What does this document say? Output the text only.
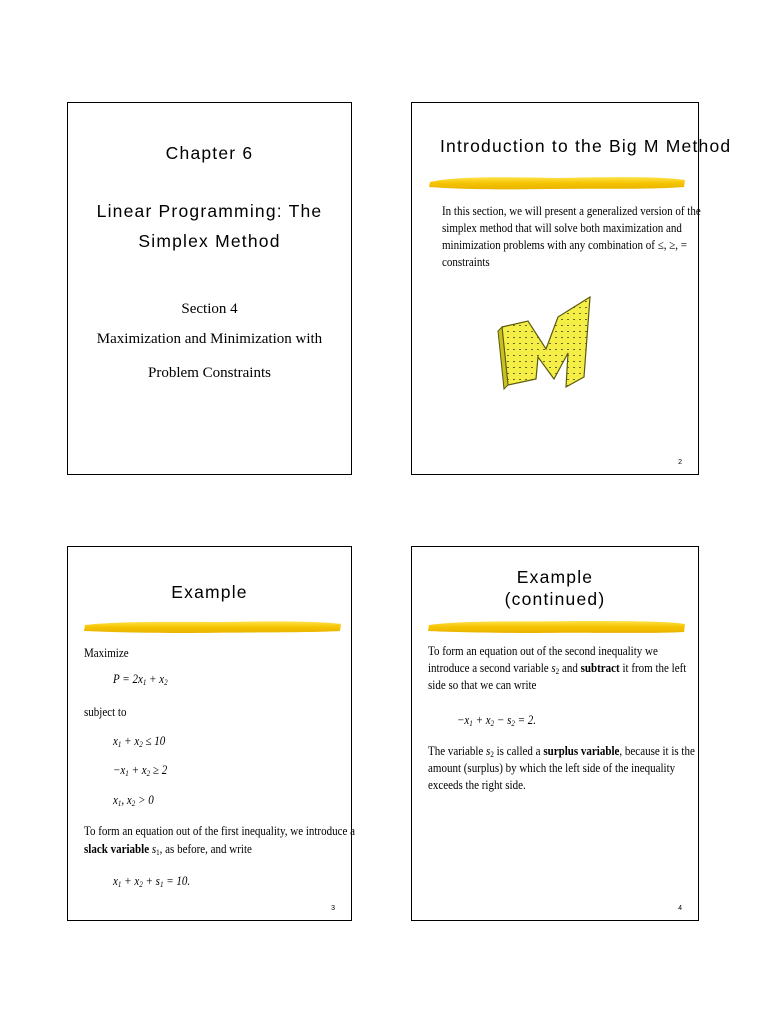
Chapter 6
Linear Programming: The
Simplex Method
Section 4
Maximization and Minimization with
Problem Constraints
Introduction to the Big M Method
In this section, we will present a generalized version of the
simplex method that will solve both maximization and
minimization problems with any combination of ≤, ≥, =
constraints
M
2
Example
Maximize
$P = 2x_1 + x_2$
subject to
$x_1 + x_2 \le 10$
$-x_1 + x_2 \ge 2$
$x_1$, $x_2 > 0$
To form an equation out of the first inequality, we introduce a
slack variable $s_1$, as before, and write
$x_1 + x_2 + s_1 = 10$.
3
Example
(continued)
To form an equation out of the second inequality we
introduce a second variable $s_2$ and subtract it from the left
side so that we can write
$-x_1 + x_2 - s_2 = 2$.
The variable $s_2$ is called a surplus variable, because it is the
amount (surplus) by which the left side of the inequality
exceeds the right side.
4
